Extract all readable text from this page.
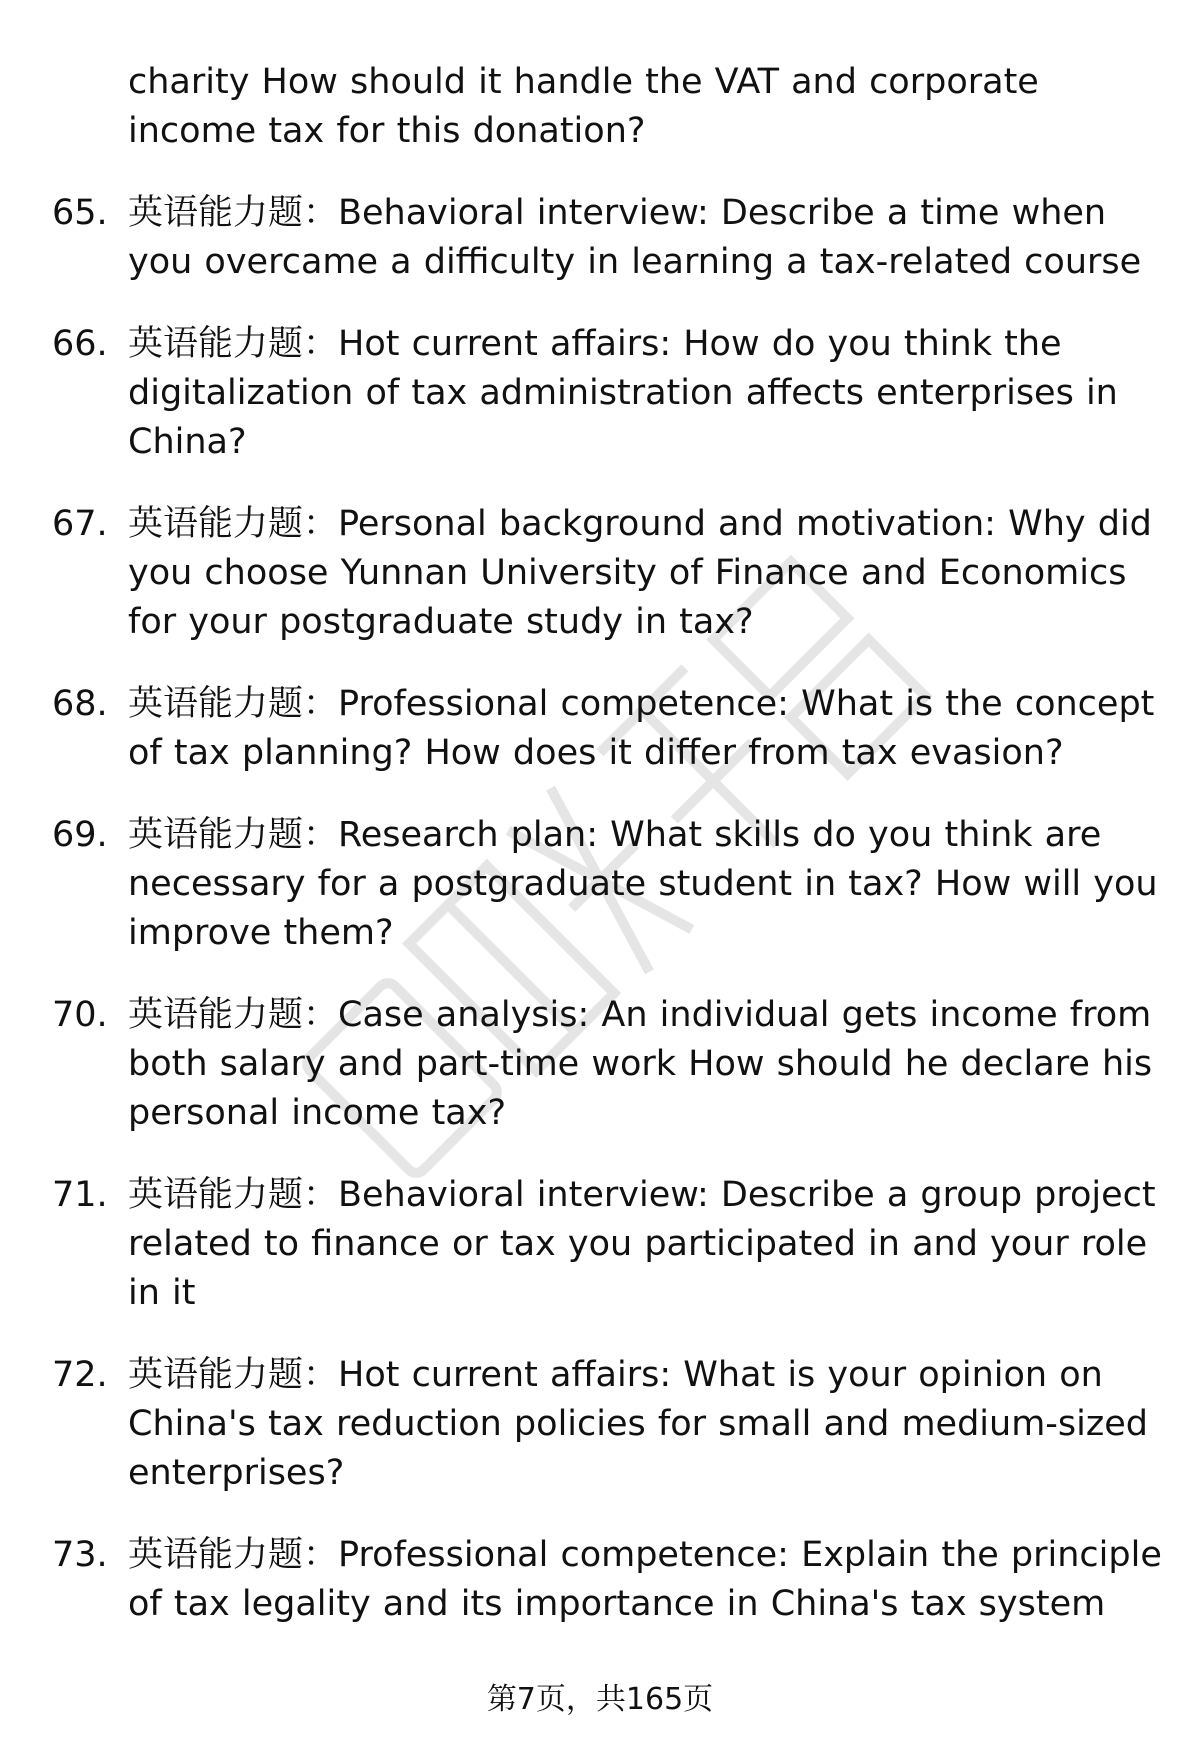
charity How should it handle the VAT and corporate income tax for this donation?
65. 英语能力题：Behavioral interview: Describe a time when you overcame a difficulty in learning a tax-related course
66. 英语能力题：Hot current affairs: How do you think the digitalization of tax administration affects enterprises in China?
67. 英语能力题：Personal background and motivation: Why did you choose Yunnan University of Finance and Economics for your postgraduate study in tax?
68. 英语能力题：Professional competence: What is the concept of tax planning? How does it differ from tax evasion?
69. 英语能力题：Research plan: What skills do you think are necessary for a postgraduate student in tax? How will you improve them?
70. 英语能力题：Case analysis: An individual gets income from both salary and part-time work How should he declare his personal income tax?
71. 英语能力题：Behavioral interview: Describe a group project related to finance or tax you participated in and your role in it
72. 英语能力题：Hot current affairs: What is your opinion on China's tax reduction policies for small and medium-sized enterprises?
73. 英语能力题：Professional competence: Explain the principle of tax legality and its importance in China's tax system
第7页，共165页
